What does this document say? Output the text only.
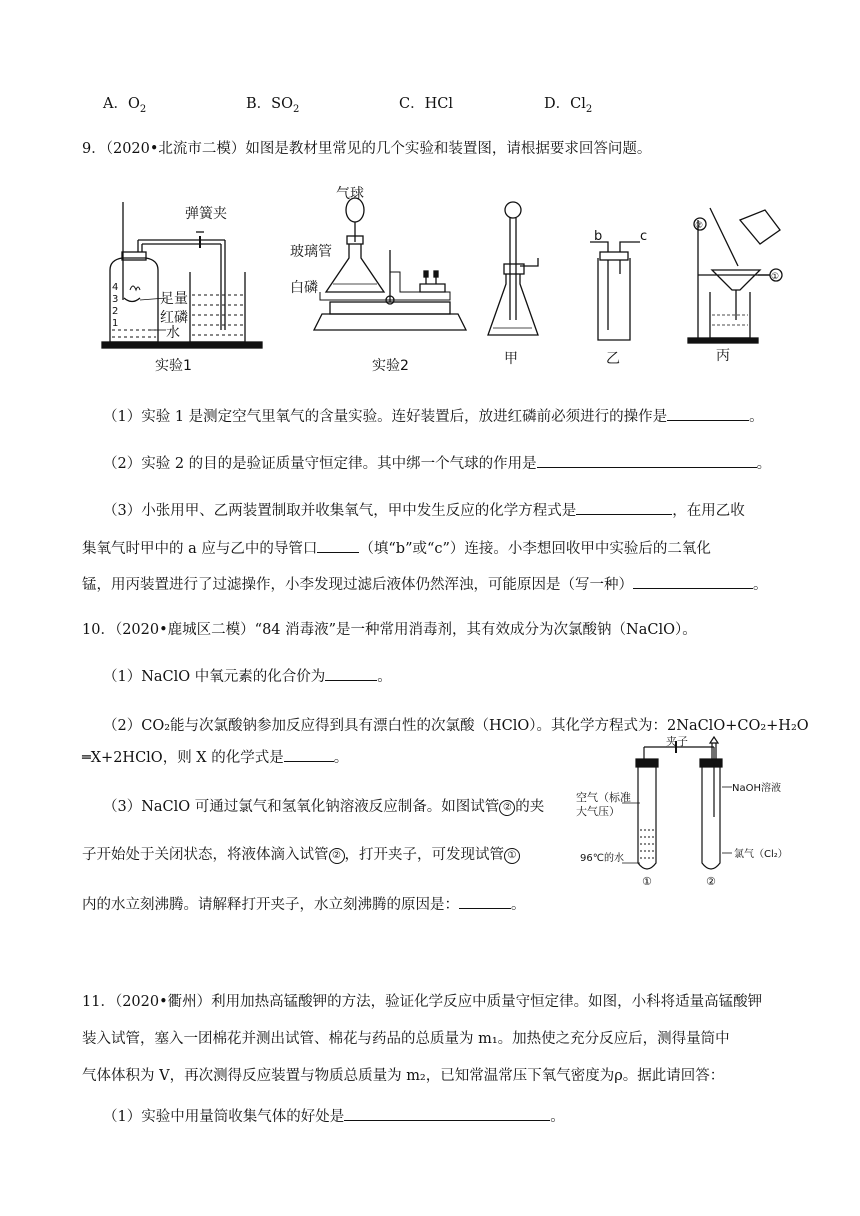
A．$O_2$	B．$SO_2$	C．HCl	D．$Cl_2$
9．（2020•北流市二模）如图是教材里常见的几个实验和装置图，请根据要求回答问题。
弹簧夹
4
3
2
1
足量
红磷
水
实验1
气球
玻璃管
白磷
实验2	甲
b	c
乙
②
①
丙
（1）实验 1 是测定空气里氧气的含量实验。连好装置后，放进红磷前必须进行的操作是	。
（2）实验 2 的目的是验证质量守恒定律。其中绑一个气球的作用是	。
（3）小张用甲、乙两装置制取并收集氧气，甲中发生反应的化学方程式是	，在用乙收
集氧气时甲中的 a 应与乙中的导管口	（填“b”或“c”）连接。小李想回收甲中实验后的二氧化
锰，用丙装置进行了过滤操作，小李发现过滤后液体仍然浑浊，可能原因是（写一种）	。
10．（2020•鹿城区二模）“84 消毒液”是一种常用消毒剂，其有效成分为次氯酸钠（NaClO）。
（1）NaClO 中氧元素的化合价为	。
（2）CO₂能与次氯酸钠参加反应得到具有漂白性的次氯酸（HClO）。其化学方程式为：2NaClO+CO₂+H₂O
═X+2HClO，则 X 的化学式是	。
（3）NaClO 可通过氯气和氢氧化钠溶液反应制备。如图试管 ② 的夹
子开始处于关闭状态，将液体滴入试管 ② ，打开夹子，可发现试管 ①
内的水立刻沸腾。请解释打开夹子，水立刻沸腾的原因是：	。
夹子
NaOH溶液
空气（标准
大气压）
96℃的水	氯气（Cl₂）
①	②
11．（2020•衢州）利用加热高锰酸钾的方法，验证化学反应中质量守恒定律。如图，小科将适量高锰酸钾
装入试管，塞入一团棉花并测出试管、棉花与药品的总质量为 m₁。加热使之充分反应后，测得量筒中
气体体积为 V，再次测得反应装置与物质总质量为 m₂，已知常温常压下氧气密度为ρ。据此请回答：
（1）实验中用量筒收集气体的好处是	。
